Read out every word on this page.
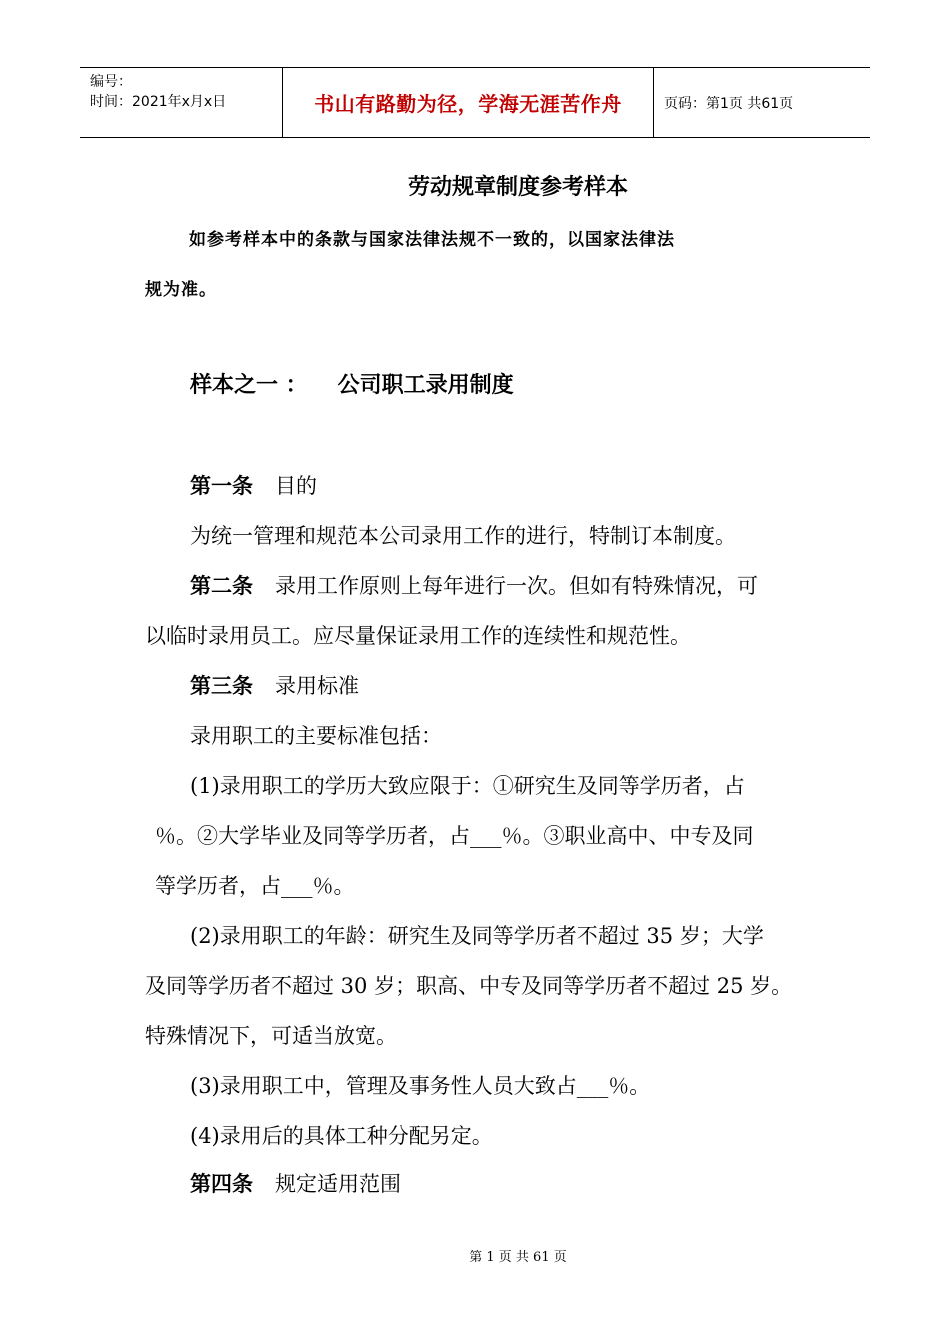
编号：
时间：2021年x月x日	书山有路勤为径，学海无涯苦作舟	页码：第1页 共61页
劳动规章制度参考样本
如参考样本中的条款与国家法律法规不一致的，以国家法律法
规为准。
样本之一 ： 公司职工录用制度
第一条 目的
为统一管理和规范本公司录用工作的进行，特制订本制度。
第二条 录用工作原则上每年进行一次。但如有特殊情况，可
以临时录用员工。应尽量保证录用工作的连续性和规范性。
第三条 录用标准
录用职工的主要标准包括：
(1)录用职工的学历大致应限于：①研究生及同等学历者，占
％。②大学毕业及同等学历者，占___％。③职业高中、中专及同
等学历者，占___％。
(2)录用职工的年龄：研究生及同等学历者不超过 35 岁；大学
及同等学历者不超过 30 岁；职高、中专及同等学历者不超过 25 岁。
特殊情况下，可适当放宽。
(3)录用职工中，管理及事务性人员大致占___％。
(4)录用后的具体工种分配另定。
第四条 规定适用范围
第 1 页 共 61 页
